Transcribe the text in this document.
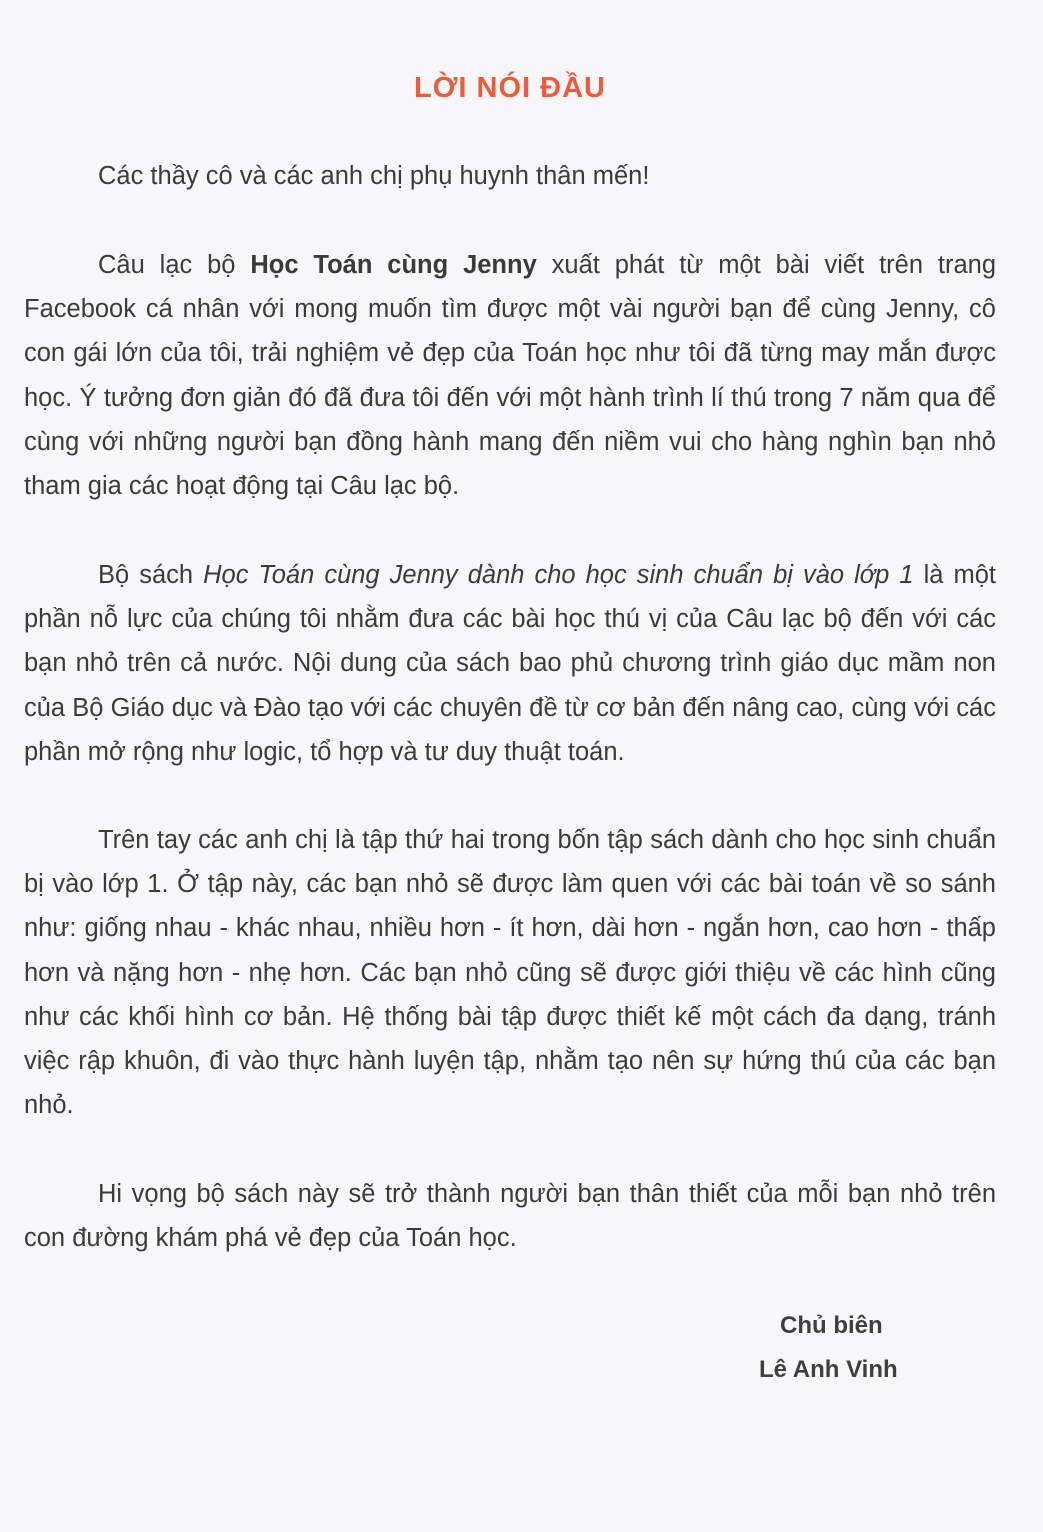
LỜI NÓI ĐẦU
Các thầy cô và các anh chị phụ huynh thân mến!
Câu lạc bộ Học Toán cùng Jenny xuất phát từ một bài viết trên trang Facebook cá nhân với mong muốn tìm được một vài người bạn để cùng Jenny, cô con gái lớn của tôi, trải nghiệm vẻ đẹp của Toán học như tôi đã từng may mắn được học. Ý tưởng đơn giản đó đã đưa tôi đến với một hành trình lí thú trong 7 năm qua để cùng với những người bạn đồng hành mang đến niềm vui cho hàng nghìn bạn nhỏ tham gia các hoạt động tại Câu lạc bộ.
Bộ sách Học Toán cùng Jenny dành cho học sinh chuẩn bị vào lớp 1 là một phần nỗ lực của chúng tôi nhằm đưa các bài học thú vị của Câu lạc bộ đến với các bạn nhỏ trên cả nước. Nội dung của sách bao phủ chương trình giáo dục mầm non của Bộ Giáo dục và Đào tạo với các chuyên đề từ cơ bản đến nâng cao, cùng với các phần mở rộng như logic, tổ hợp và tư duy thuật toán.
Trên tay các anh chị là tập thứ hai trong bốn tập sách dành cho học sinh chuẩn bị vào lớp 1. Ở tập này, các bạn nhỏ sẽ được làm quen với các bài toán về so sánh như: giống nhau - khác nhau, nhiều hơn - ít hơn, dài hơn - ngắn hơn, cao hơn - thấp hơn và nặng hơn - nhẹ hơn. Các bạn nhỏ cũng sẽ được giới thiệu về các hình cũng như các khối hình cơ bản. Hệ thống bài tập được thiết kế một cách đa dạng, tránh việc rập khuôn, đi vào thực hành luyện tập, nhằm tạo nên sự hứng thú của các bạn nhỏ.
Hi vọng bộ sách này sẽ trở thành người bạn thân thiết của mỗi bạn nhỏ trên con đường khám phá vẻ đẹp của Toán học.
Chủ biên
Lê Anh Vinh
